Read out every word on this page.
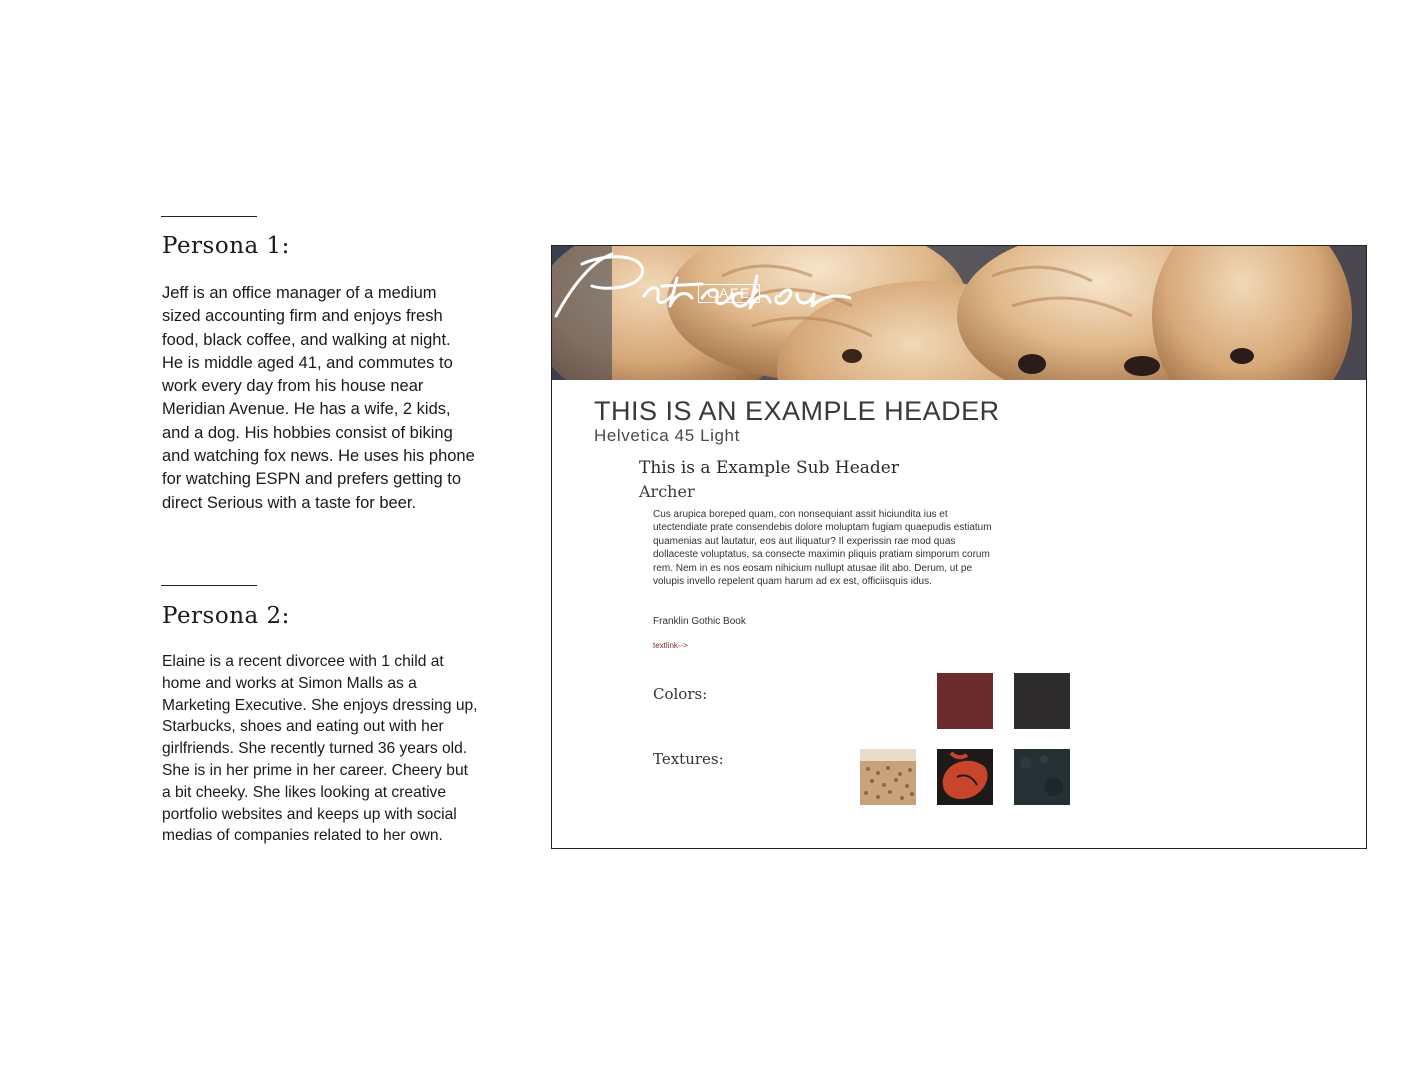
Persona 1:

Jeff is an office manager of a medium sized accounting firm and enjoys fresh food, black coffee, and walking at night. He is middle aged 41, and commutes to work every day from his house near Meridian Avenue. He has a wife, 2 kids, and a dog. His hobbies consist of biking and watching fox news. He uses his phone for watching ESPN and prefers getting to direct Serious with a taste for beer.

Persona 2:

Elaine is a recent divorcee with 1 child at home and works at Simon Malls as a Marketing Executive. She enjoys dressing up, Starbucks, shoes and eating out with her girlfriends. She recently turned 36 years old. She is in her prime in her career. Cheery but a bit cheeky. She likes looking at creative portfolio websites and keeps up with social medias of companies related to her own.

CAFE
THIS IS AN EXAMPLE HEADER
Helvetica 45 Light
This is a Example Sub Header
Archer

Cus arupica boreped quam, con nonsequiant assit hiciundita ius et utectendiate prate consendebis dolore moluptam fugiam quaepudis estiatum quamenias aut lautatur, eos aut iliquatur? Il experissin rae mod quas dollaceste voluptatus, sa consecte maximin pliquis pratiam simporum corum rem. Nem in es nos eosam nihicium nullupt atusae ilit abo. Derum, ut pe volupis invello repelent quam harum ad ex est, officiisquis idus.

Franklin Gothic Book
textlink-->
Colors:
Textures:
